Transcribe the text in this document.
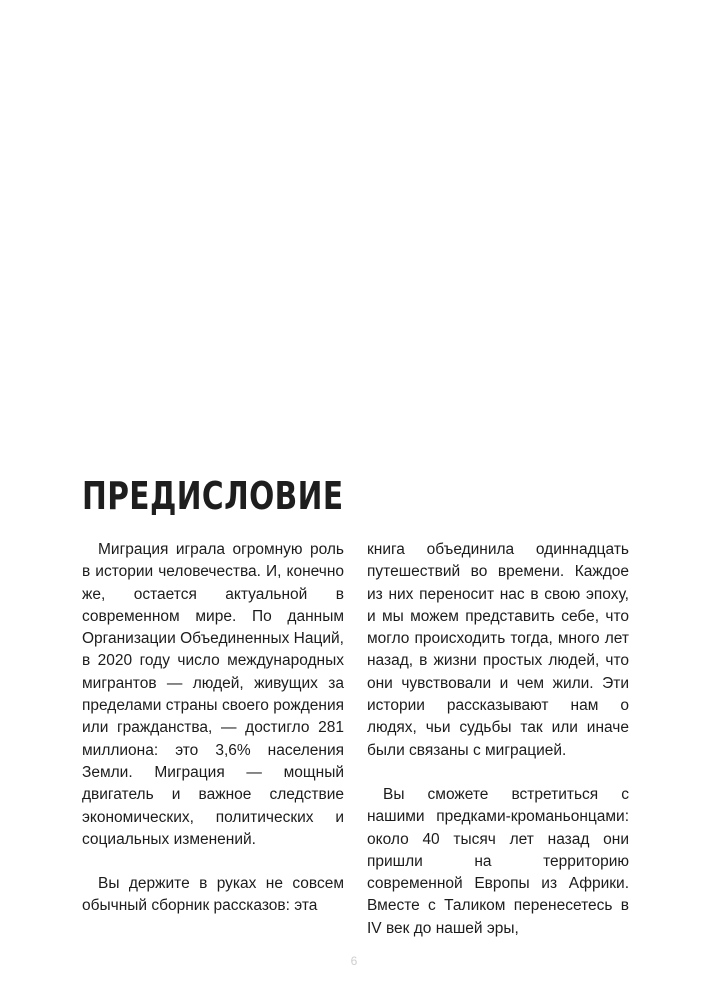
ПРЕДИСЛОВИЕ

Миграция играла огромную роль в истории человечества. И, конечно же, остается актуальной в современном мире. По данным Организации Объединенных Наций, в 2020 году число международных мигрантов — людей, живущих за пределами страны своего рождения или гражданства, — достигло 281 миллиона: это 3,6% населения Земли. Миграция — мощный двигатель и важное следствие экономических, политических и социальных изменений.

Вы держите в руках не совсем обычный сборник рассказов: эта

книга объединила одиннадцать путешествий во времени. Каждое из них переносит нас в свою эпоху, и мы можем представить себе, что могло происходить тогда, много лет назад, в жизни простых людей, что они чувствовали и чем жили. Эти истории рассказывают нам о людях, чьи судьбы так или иначе были связаны с миграцией.

Вы сможете встретиться с нашими предками-кроманьонцами: около 40 тысяч лет назад они пришли на территорию современной Европы из Африки. Вместе с Таликом перенесетесь в IV век до нашей эры,

6
